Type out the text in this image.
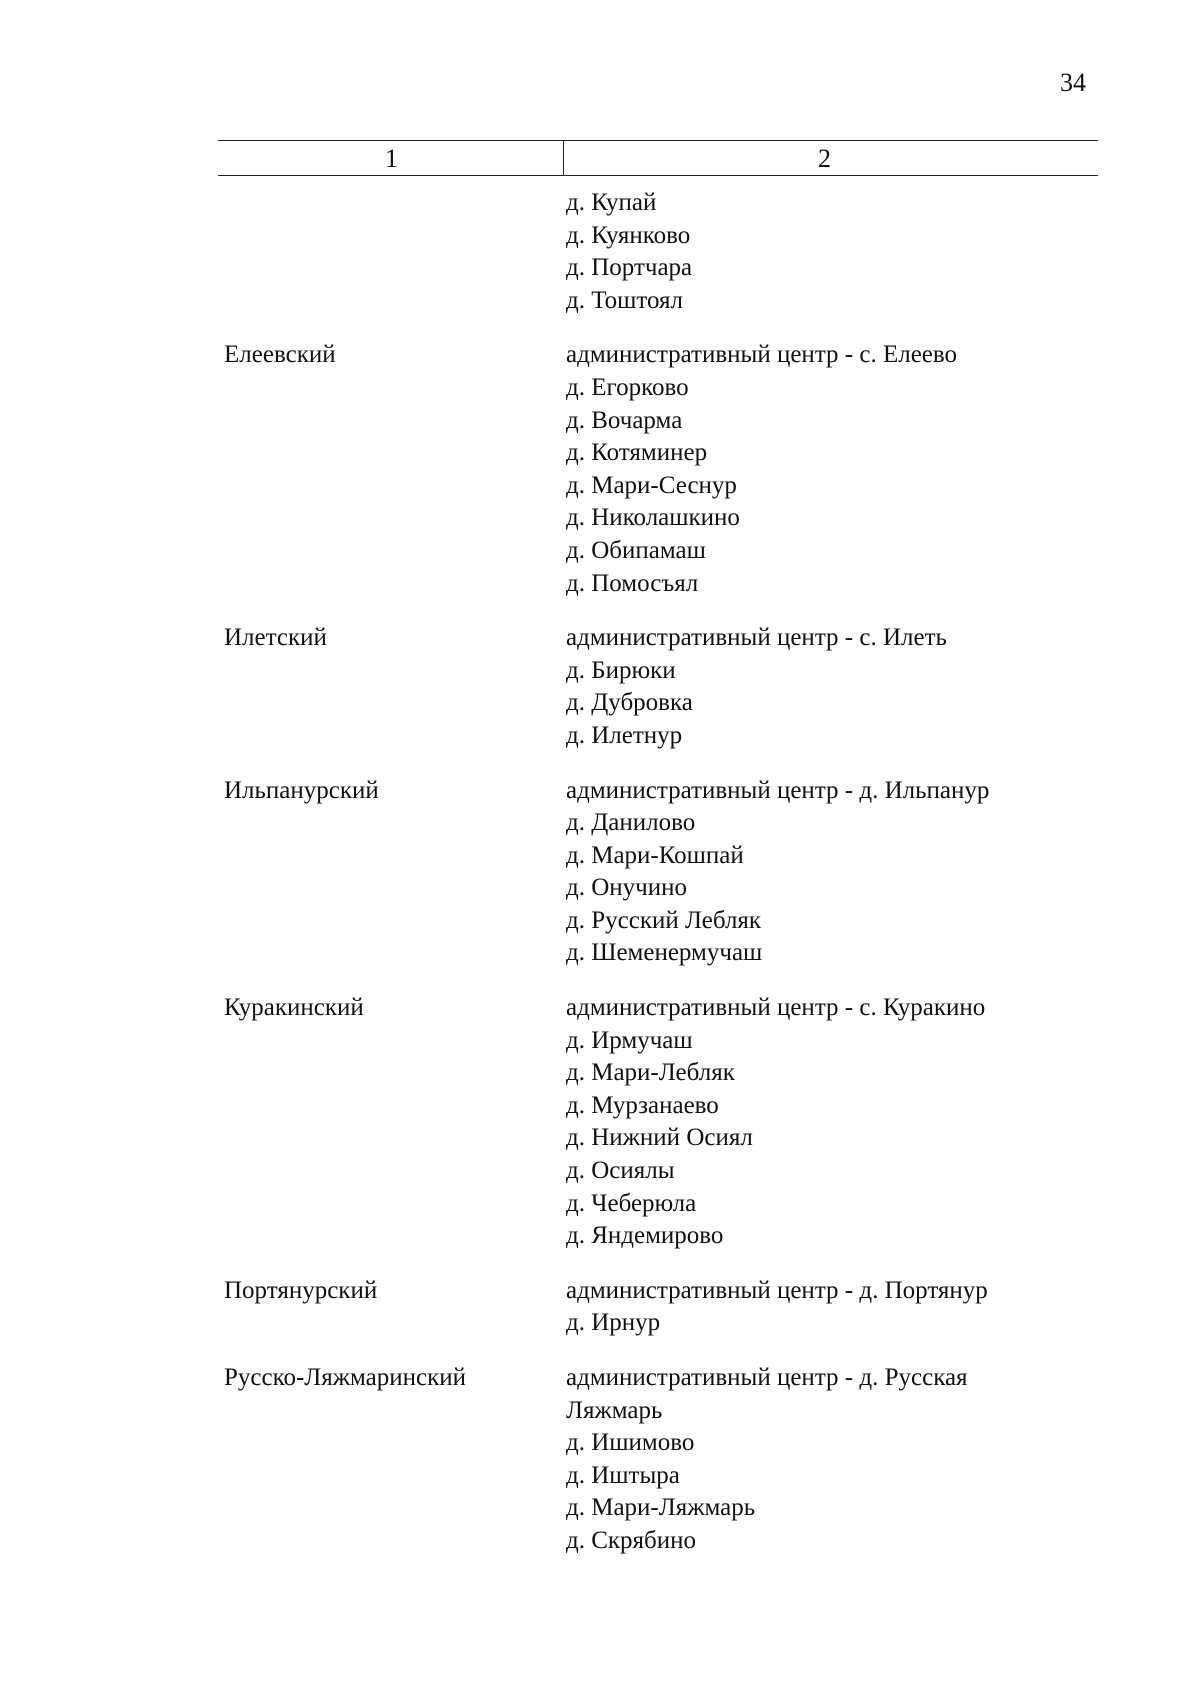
34
1	2
д. Купай
д. Куянково
д. Портчара
д. Тоштоял
Елеевский	административный центр - с. Елеево
д. Егорково
д. Вочарма
д. Котяминер
д. Мари-Сеснур
д. Николашкино
д. Обипамаш
д. Помосъял
Илетский	административный центр - с. Илеть
д. Бирюки
д. Дубровка
д. Илетнур
Ильпанурский	административный центр - д. Ильпанур
д. Данилово
д. Мари-Кошпай
д. Онучино
д. Русский Лебляк
д. Шеменермучаш
Куракинский	административный центр - с. Куракино
д. Ирмучаш
д. Мари-Лебляк
д. Мурзанаево
д. Нижний Осиял
д. Осиялы
д. Чеберюла
д. Яндемирово
Портянурский	административный центр - д. Портянур
д. Ирнур
Русско-Ляжмаринский	административный центр - д. Русская
Ляжмарь
д. Ишимово
д. Иштыра
д. Мари-Ляжмарь
д. Скрябино
